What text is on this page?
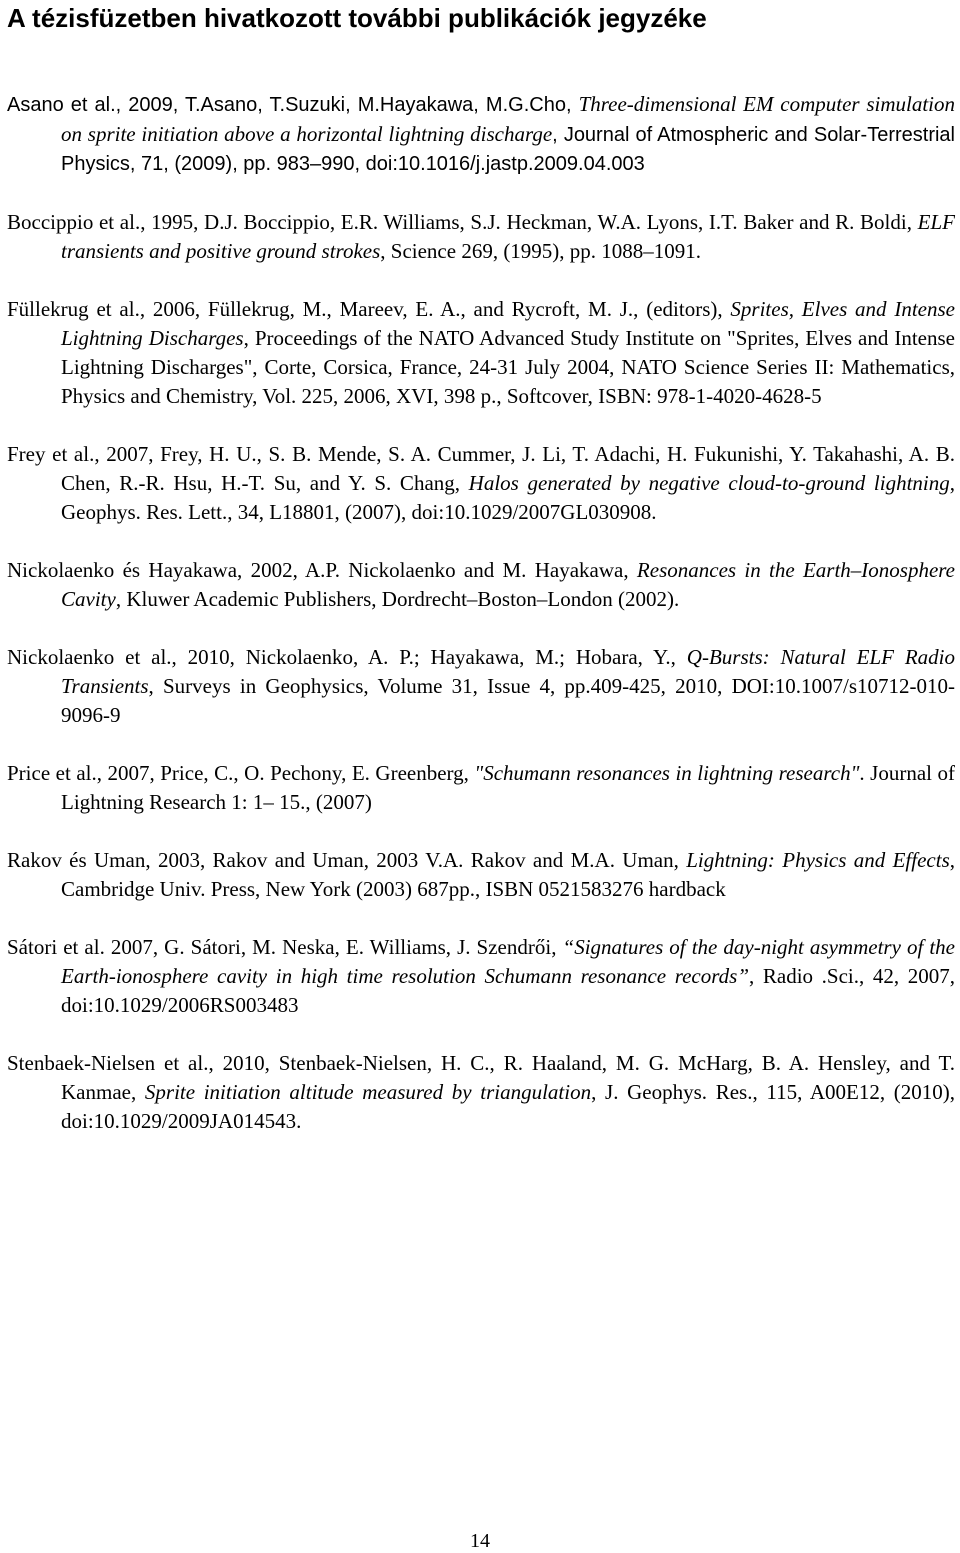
A tézisfüzetben hivatkozott további publikációk jegyzéke

Asano et al., 2009, T.Asano, T.Suzuki, M.Hayakawa, M.G.Cho, Three-dimensional EM computer simulation on sprite initiation above a horizontal lightning discharge, Journal of Atmospheric and Solar-Terrestrial Physics, 71, (2009), pp. 983–990, doi:10.1016/j.jastp.2009.04.003

Boccippio et al., 1995, D.J. Boccippio, E.R. Williams, S.J. Heckman, W.A. Lyons, I.T. Baker and R. Boldi, ELF transients and positive ground strokes, Science 269, (1995), pp. 1088–1091.

Füllekrug et al., 2006, Füllekrug, M., Mareev, E. A., and Rycroft, M. J., (editors), Sprites, Elves and Intense Lightning Discharges, Proceedings of the NATO Advanced Study Institute on "Sprites, Elves and Intense Lightning Discharges", Corte, Corsica, France, 24-31 July 2004, NATO Science Series II: Mathematics, Physics and Chemistry, Vol. 225, 2006, XVI, 398 p., Softcover, ISBN: 978-1-4020-4628-5

Frey et al., 2007, Frey, H. U., S. B. Mende, S. A. Cummer, J. Li, T. Adachi, H. Fukunishi, Y. Takahashi, A. B. Chen, R.-R. Hsu, H.-T. Su, and Y. S. Chang, Halos generated by negative cloud-to-ground lightning, Geophys. Res. Lett., 34, L18801, (2007), doi:10.1029/2007GL030908.

Nickolaenko és Hayakawa, 2002, A.P. Nickolaenko and M. Hayakawa, Resonances in the Earth–Ionosphere Cavity, Kluwer Academic Publishers, Dordrecht–Boston–London (2002).

Nickolaenko et al., 2010, Nickolaenko, A. P.; Hayakawa, M.; Hobara, Y., Q-Bursts: Natural ELF Radio Transients, Surveys in Geophysics, Volume 31, Issue 4, pp.409-425, 2010, DOI:10.1007/s10712-010-9096-9

Price et al., 2007, Price, C., O. Pechony, E. Greenberg, "Schumann resonances in lightning research". Journal of Lightning Research 1: 1– 15., (2007)

Rakov és Uman, 2003, Rakov and Uman, 2003 V.A. Rakov and M.A. Uman, Lightning: Physics and Effects, Cambridge Univ. Press, New York (2003) 687pp., ISBN 0521583276 hardback

Sátori et al. 2007, G. Sátori, M. Neska, E. Williams, J. Szendrői, “Signatures of the day-night asymmetry of the Earth-ionosphere cavity in high time resolution Schumann resonance records”, Radio .Sci., 42, 2007, doi:10.1029/2006RS003483

Stenbaek-Nielsen et al., 2010, Stenbaek-Nielsen, H. C., R. Haaland, M. G. McHarg, B. A. Hensley, and T. Kanmae, Sprite initiation altitude measured by triangulation, J. Geophys. Res., 115, A00E12, (2010), doi:10.1029/2009JA014543.

14
